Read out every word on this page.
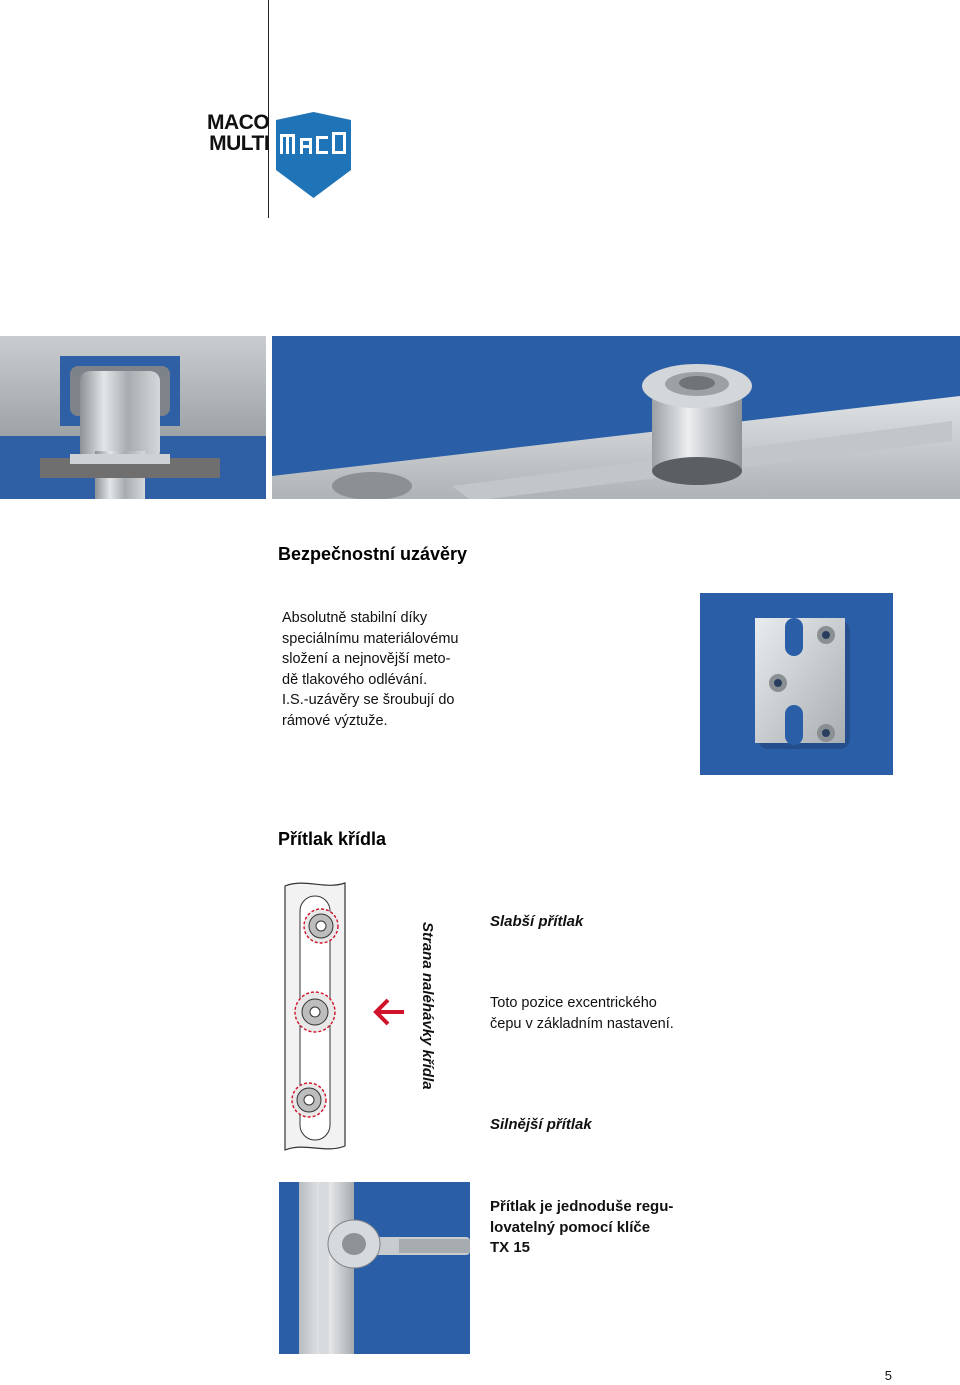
MACO
MULTI
Bezpečnostní uzávěry
Absolutně stabilní díky
speciálnímu materiálovému
složení a nejnovější meto-
dě tlakového odlévání.
I.S.-uzávěry se šroubují do
rámové výztuže.
Přítlak křídla
Strana naléhávky křídla
Slabší přítlak
Toto pozice excentrického
čepu v základním nastavení.
Silnější přítlak
Přítlak je jednoduše regu-
lovatelný pomocí klíče
TX 15
5
